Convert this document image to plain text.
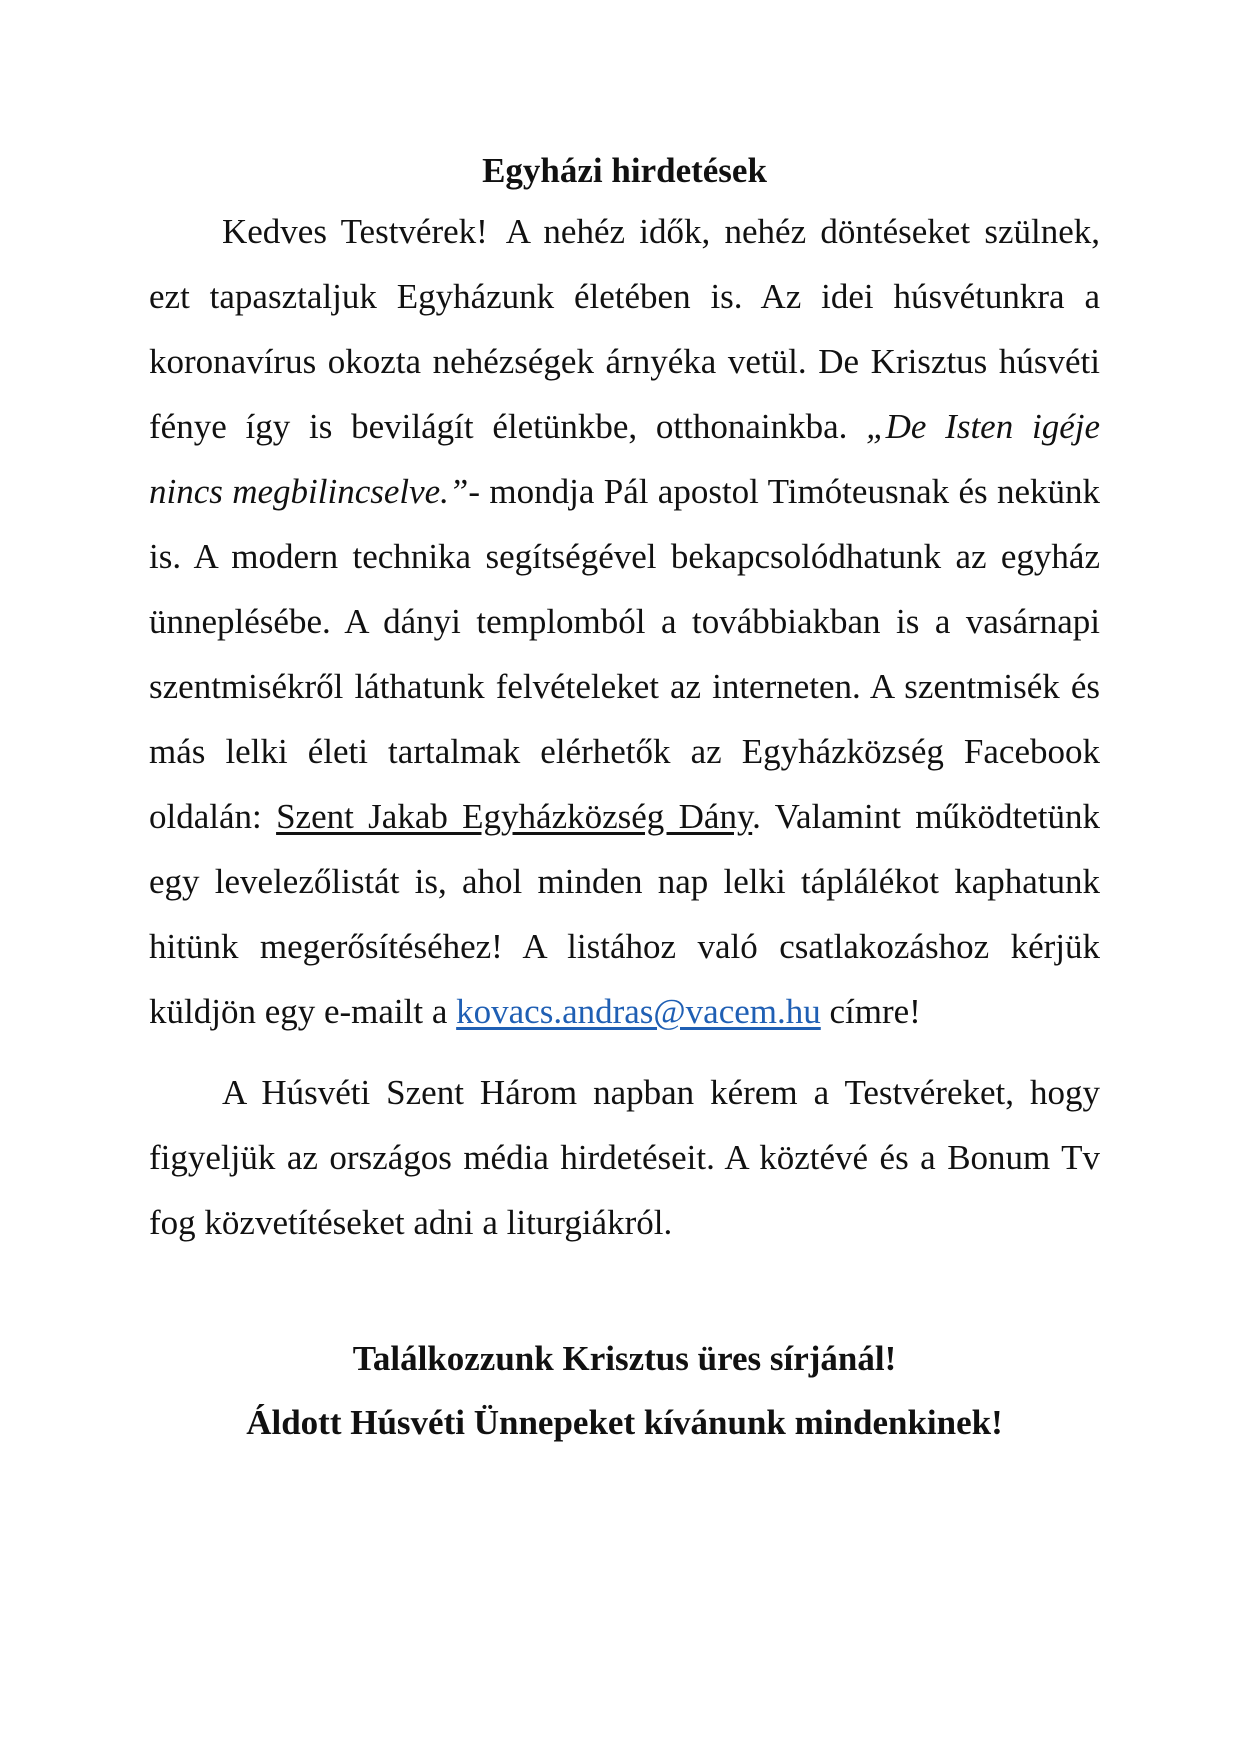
Egyházi hirdetések

Kedves Testvérek! A nehéz idők, nehéz döntéseket szülnek, ezt tapasztaljuk Egyházunk életében is. Az idei húsvétunkra a koronavírus okozta nehézségek árnyéka vetül. De Krisztus húsvéti fénye így is bevilágít életünkbe, otthonainkba. „De Isten igéje nincs megbilincselve.”- mondja Pál apostol Timóteusnak és nekünk is. A modern technika segítségével bekapcsolódhatunk az egyház ünneplésébe. A dányi templomból a továbbiakban is a vasárnapi szentmisékről láthatunk felvételeket az interneten. A szentmisék és más lelki életi tartalmak elérhetők az Egyházközség Facebook oldalán: Szent Jakab Egyházközség Dány. Valamint működtetünk egy levelezőlistát is, ahol minden nap lelki táplálékot kaphatunk hitünk megerősítéséhez! A listához való csatlakozáshoz kérjük küldjön egy e-mailt a kovacs.andras@vacem.hu címre!

A Húsvéti Szent Három napban kérem a Testvéreket, hogy figyeljük az országos média hirdetéseit. A köztévé és a Bonum Tv fog közvetítéseket adni a liturgiákról.

Találkozzunk Krisztus üres sírjánál!
Áldott Húsvéti Ünnepeket kívánunk mindenkinek!
